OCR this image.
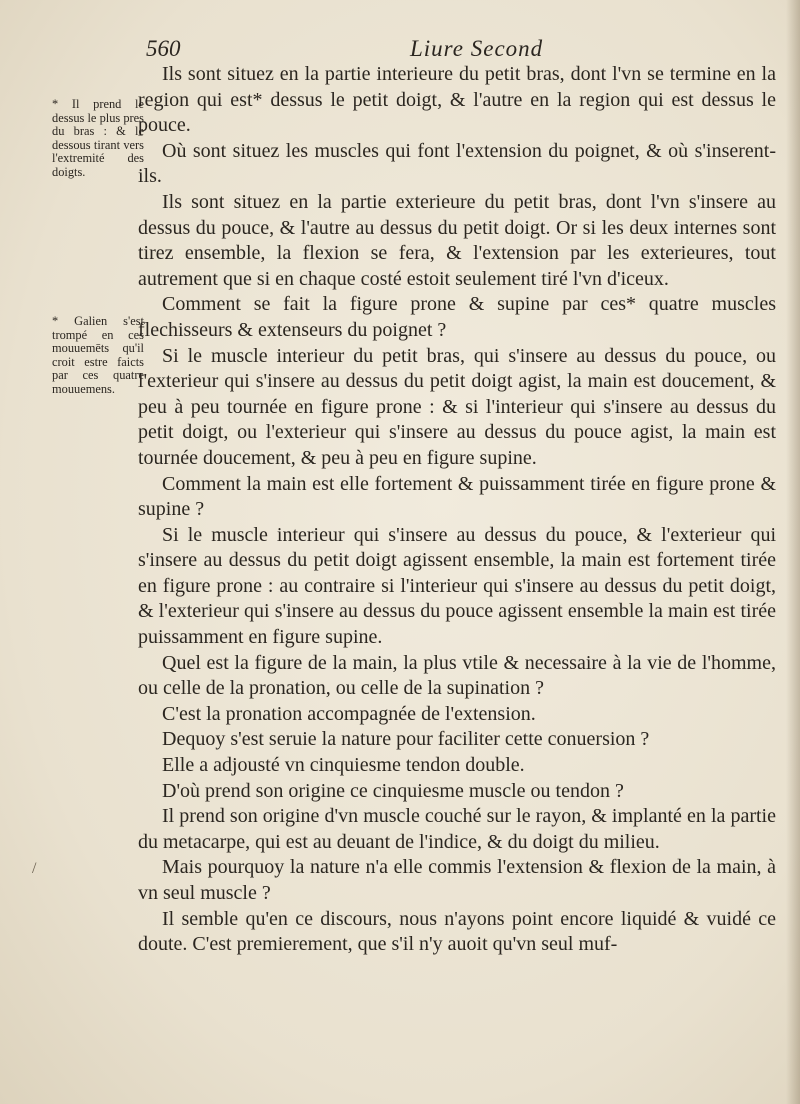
560	Liure Second
* Il prend le dessus le plus pres du bras : & le dessous tirant vers l'extremité des doigts.
* Galien s'est trompé en ces mouuemēts qu'il croit estre faicts par ces quatre mouuemens.

Ils sont situez en la partie interieure du petit bras, dont l'vn se termine en la region qui est* dessus le petit doigt, & l'autre en la region qui est dessus le pouce.

Où sont situez les muscles qui font l'extension du poignet, & où s'inserent-ils.

Ils sont situez en la partie exterieure du petit bras, dont l'vn s'insere au dessus du pouce, & l'autre au dessus du petit doigt. Or si les deux internes sont tirez ensemble, la flexion se fera, & l'extension par les exterieures, tout autrement que si en chaque costé estoit seulement tiré l'vn d'iceux.

Comment se fait la figure prone & supine par ces* quatre muscles flechisseurs & extenseurs du poignet ?

Si le muscle interieur du petit bras, qui s'insere au dessus du pouce, ou l'exterieur qui s'insere au dessus du petit doigt agist, la main est doucement, & peu à peu tournée en figure prone : & si l'interieur qui s'insere au dessus du petit doigt, ou l'exterieur qui s'insere au dessus du pouce agist, la main est tournée doucement, & peu à peu en figure supine.

Comment la main est elle fortement & puissamment tirée en figure prone & supine ?

Si le muscle interieur qui s'insere au dessus du pouce, & l'exterieur qui s'insere au dessus du petit doigt agissent ensemble, la main est fortement tirée en figure prone : au contraire si l'interieur qui s'insere au dessus du petit doigt, & l'exterieur qui s'insere au dessus du pouce agissent ensemble la main est tirée puissamment en figure supine.

Quel est la figure de la main, la plus vtile & necessaire à la vie de l'homme, ou celle de la pronation, ou celle de la supination ?

C'est la pronation accompagnée de l'extension.

Dequoy s'est seruie la nature pour faciliter cette conuersion ?

Elle a adjousté vn cinquiesme tendon double.

D'où prend son origine ce cinquiesme muscle ou tendon ?

Il prend son origine d'vn muscle couché sur le rayon, & implanté en la partie du metacarpe, qui est au deuant de l'indice, & du doigt du milieu.

Mais pourquoy la nature n'a elle commis l'extension & flexion de la main, à vn seul muscle ?

Il semble qu'en ce discours, nous n'ayons point encore liquidé & vuidé ce doute. C'est premierement, que s'il n'y auoit qu'vn seul muf-

/
